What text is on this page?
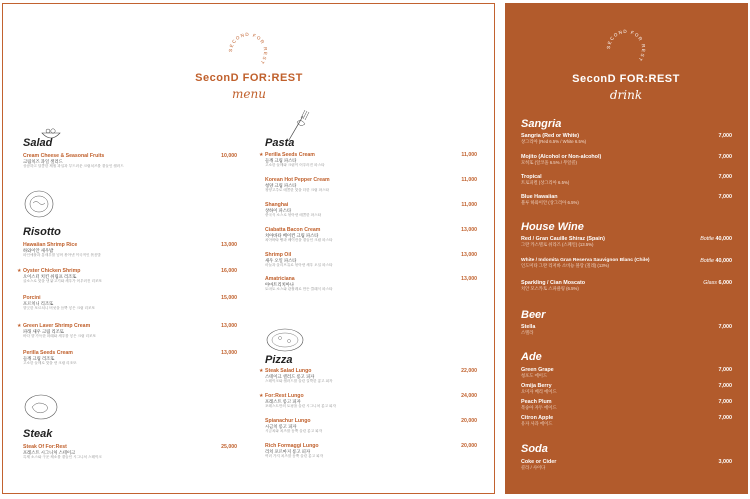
SECOND FOR REST
SeconD FOR:REST
menu
Salad
Cream Cheese & Seasonal Fruits
크림치즈 과일 샐러드
상큼하고 달콤한 제철 과일과 부드러운 크림치즈를 곁들인 샐러드
10,000
Risotto
Hawaiian Shrimp Rice
하와이안 새우밥
파인애플과 통새우를 넣어 볶아낸 이국적인 볶음밥
13,000
★ Oyster Chicken Shrimp
오이스터 치킨 쉬림프 리조또
굴소스로 맛을 낸 닭고기와 새우가 어우러진 리조또
16,000
Porcini
포르치니 리조또
향긋한 포르치니 버섯을 듬뿍 넣은 크림 리조또
15,000
★ Green Laver Shrimp Cream
파래 새우 크림 리조또
바다 향 가득한 파래와 새우를 넣은 크림 리조또
13,000
Perilla Seeds Cream
들깨 크림 리조또
고소한 들깨로 맛을 낸 크림 리조또
13,000
Steak
Steak Of For:Rest
포레스트 시그니처 스테이크
특제 소스와 구운 채소를 곁들인 시그니처 스테이크
25,000
Pasta
★ Perilla Seeds Cream
들깨 크림 파스타
고소한 들깨와 크림이 어우러진 파스타
11,000
Korean Hot Pepper Cream
청양 크림 파스타
청양고추로 매콤한 맛을 더한 크림 파스타
11,000
Shanghai
상하이 파스타
중국식 소스로 볶아낸 매콤한 파스타
11,000
Ciabatta Bacon Cream
치아바타 베이컨 크림 파스타
치아바타 빵과 베이컨을 곁들인 크림 파스타
13,000
Shrimp Oil
새우 오일 파스타
마늘과 올리브유로 볶아낸 새우 오일 파스타
13,000
Amatriciana
아마트리치아나
토마토 소스와 관찰레로 만든 클래식 파스타
13,000
Pizza
★ Steak Salad Lungo
스테이크 샐러드 롱고 피자
스테이크와 샐러드를 올린 길쭉한 롱고 피자
22,000
★ For:Rest Lungo
포레스트 롱고 피자
포레스트만의 토핑을 올린 시그니처 롱고 피자
24,000
Spianachur Lungo
시금치 롱고 피자
시금치와 치즈를 듬뿍 올린 롱고 피자
20,000
Rich Formaggi Lungo
리치 포르마지 롱고 피자
여러 가지 치즈를 듬뿍 올린 롱고 피자
20,000
SECOND FOR REST
SeconD FOR:REST
drink
Sangria
Sangria (Red or White)
상그리아 (Red 6.5% / White 6.5%)
7,000
Mojito (Alcohol or Non-alcohol)
모히또 (알코올 6.5% / 무알콜)
7,000
Tropical
트로피컬 (상그리아 6.5%)
7,000
Blue Hawaiian
블루 하와이안 (상그리아 6.5%)
7,000
House Wine
Red / Gran Cauille Shiraz (Spain)
그란 카스텔로 쉬라즈 (스페인) (13.5%)
Bottle 40,000
White / Indomita Gran Reserva Sauvignon Blanc (Chile)
인도미타 그란 리저바 소비뇽 블랑 (칠레) (13%)
Bottle 40,000
Sparkling / Cian Moscato
치안 모스카토 스파클링 (6.5%)
Glass 6,000
Beer
Stella
스텔라
7,000
Ade
Green Grape
청포도 에이드
7,000
Omija Berry
오미자 베리 에이드
7,000
Peach Plum
복숭아 자두 에이드
7,000
Citron Apple
유자 사과 에이드
7,000
Soda
Coke or Cider
콜라 / 사이다
3,000
